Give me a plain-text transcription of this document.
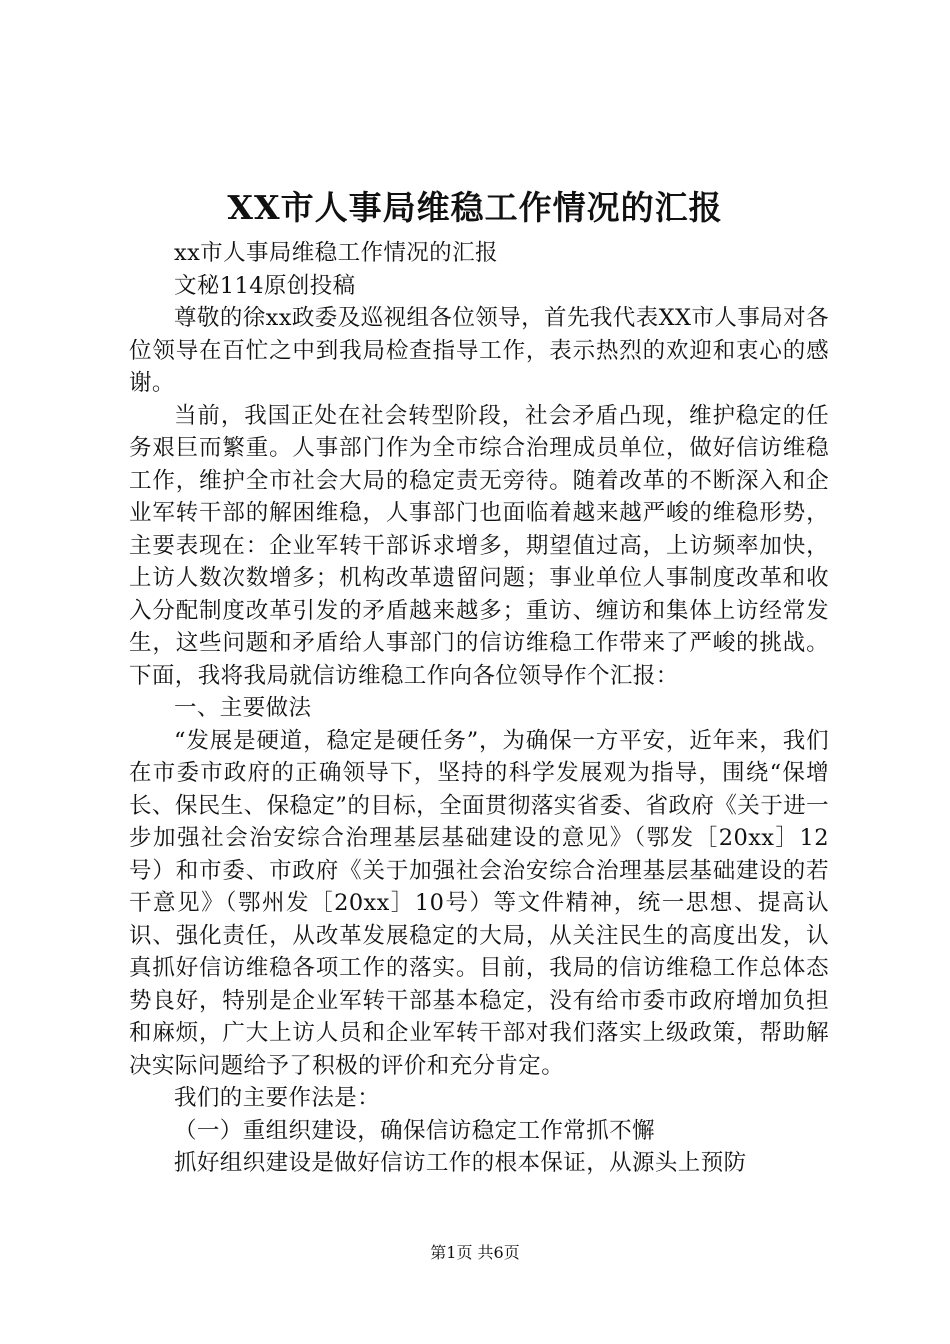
XX市人事局维稳工作情况的汇报

xx市人事局维稳工作情况的汇报

文秘114原创投稿

尊敬的徐xx政委及巡视组各位领导，首先我代表XX市人事局对各位领导在百忙之中到我局检查指导工作，表示热烈的欢迎和衷心的感谢。

当前，我国正处在社会转型阶段，社会矛盾凸现，维护稳定的任务艰巨而繁重。人事部门作为全市综合治理成员单位，做好信访维稳工作，维护全市社会大局的稳定责无旁待。随着改革的不断深入和企业军转干部的解困维稳，人事部门也面临着越来越严峻的维稳形势，主要表现在：企业军转干部诉求增多，期望值过高，上访频率加快，上访人数次数增多；机构改革遗留问题；事业单位人事制度改革和收入分配制度改革引发的矛盾越来越多；重访、缠访和集体上访经常发生，这些问题和矛盾给人事部门的信访维稳工作带来了严峻的挑战。下面，我将我局就信访维稳工作向各位领导作个汇报：

一、主要做法

“发展是硬道，稳定是硬任务”，为确保一方平安，近年来，我们在市委市政府的正确领导下，坚持的科学发展观为指导，围绕“保增长、保民生、保稳定”的目标，全面贯彻落实省委、省政府《关于进一步加强社会治安综合治理基层基础建设的意见》（鄂发［20xx］12号）和市委、市政府《关于加强社会治安综合治理基层基础建设的若干意见》（鄂州发［20xx］10号）等文件精神，统一思想、提高认识、强化责任，从改革发展稳定的大局，从关注民生的高度出发，认真抓好信访维稳各项工作的落实。目前，我局的信访维稳工作总体态势良好，特别是企业军转干部基本稳定，没有给市委市政府增加负担和麻烦，广大上访人员和企业军转干部对我们落实上级政策，帮助解决实际问题给予了积极的评价和充分肯定。

我们的主要作法是：

（一）重组织建设，确保信访稳定工作常抓不懈

抓好组织建设是做好信访工作的根本保证，从源头上预防

第1页 共6页
